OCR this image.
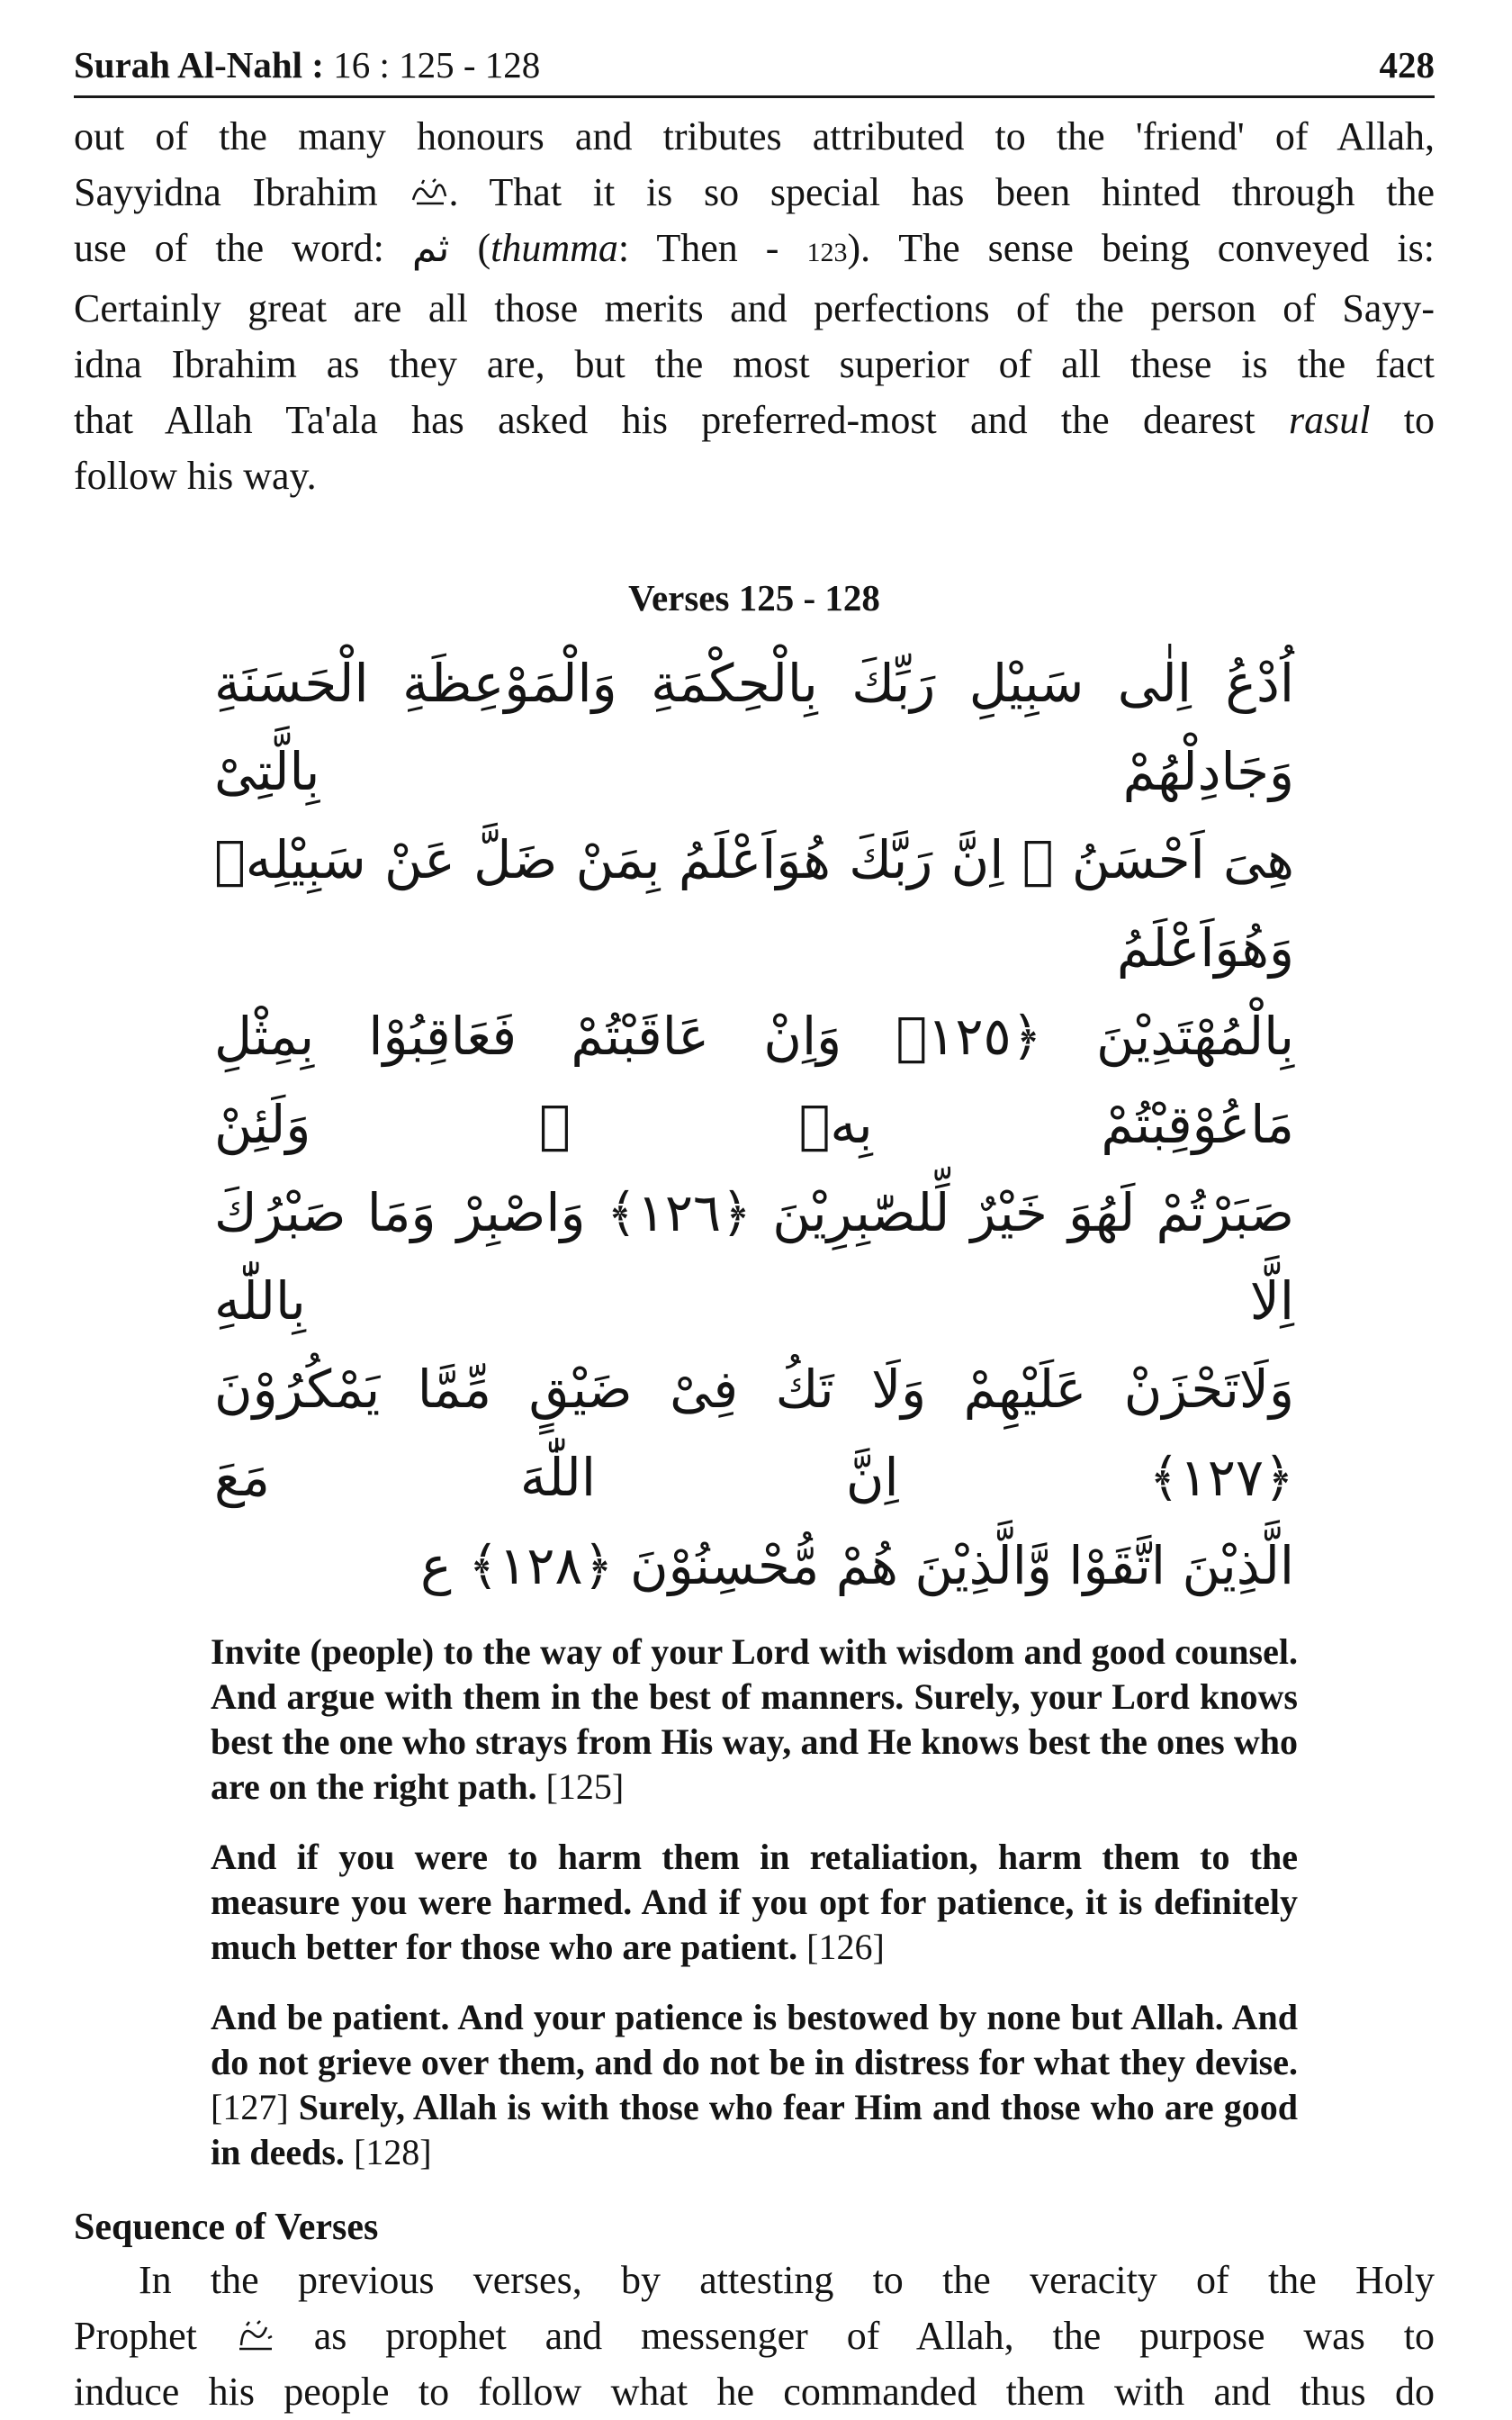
Surah Al-Nahl : 16 : 125 - 128	428

out of the many honours and tributes attributed to the 'friend' of Allah,

Sayyidna Ibrahim . That it is so special has been hinted through the

use of the word: ثم (thumma: Then - 123). The sense being conveyed is:

Certainly great are all those merits and perfections of the person of Sayy-

idna Ibrahim as they are, but the most superior of all these is the fact

that Allah Ta'ala has asked his preferred-most and the dearest rasul to

follow his way.

Verses 125 - 128
اُدْعُ اِلٰى سَبِيْلِ رَبِّكَ بِالْحِكْمَةِ وَالْمَوْعِظَةِ الْحَسَنَةِ وَجَادِلْهُمْ بِالَّتِىْ
هِىَ اَحْسَنُ ۗ اِنَّ رَبَّكَ هُوَاَعْلَمُ بِمَنْ ضَلَّ عَنْ سَبِيْلِهٖ وَهُوَاَعْلَمُ
بِالْمُهْتَدِيْنَ ﴿١٢٥﴾ وَاِنْ عَاقَبْتُمْ فَعَاقِبُوْا بِمِثْلِ مَاعُوْقِبْتُمْ بِهٖ ۗ وَلَئِنْ
صَبَرْتُمْ لَهُوَ خَيْرٌ لِّلصّٰبِرِيْنَ ﴿١٢٦﴾ وَاصْبِرْ وَمَا صَبْرُكَ اِلَّا بِاللّٰهِ
وَلَاتَحْزَنْ عَلَيْهِمْ وَلَا تَكُ فِىْ ضَيْقٍ مِّمَّا يَمْكُرُوْنَ ﴿١٢٧﴾ اِنَّ اللّٰهَ مَعَ
الَّذِيْنَ اتَّقَوْا وَّالَّذِيْنَ هُمْ مُّحْسِنُوْنَ ﴿١٢٨﴾ ع

Invite (people) to the way of your Lord with wisdom and good counsel. And argue with them in the best of manners. Surely, your Lord knows best the one who strays from His way, and He knows best the ones who are on the right path. [125]

And if you were to harm them in retaliation, harm them to the measure you were harmed. And if you opt for patience, it is definitely much better for those who are patient. [126]

And be patient. And your patience is bestowed by none but Allah. And do not grieve over them, and do not be in distress for what they devise. [127] Surely, Allah is with those who fear Him and those who are good in deeds. [128]

Sequence of Verses

In the previous verses, by attesting to the veracity of the Holy

Prophet  as prophet and messenger of Allah, the purpose was to

induce his people to follow what he commanded them with and thus do
